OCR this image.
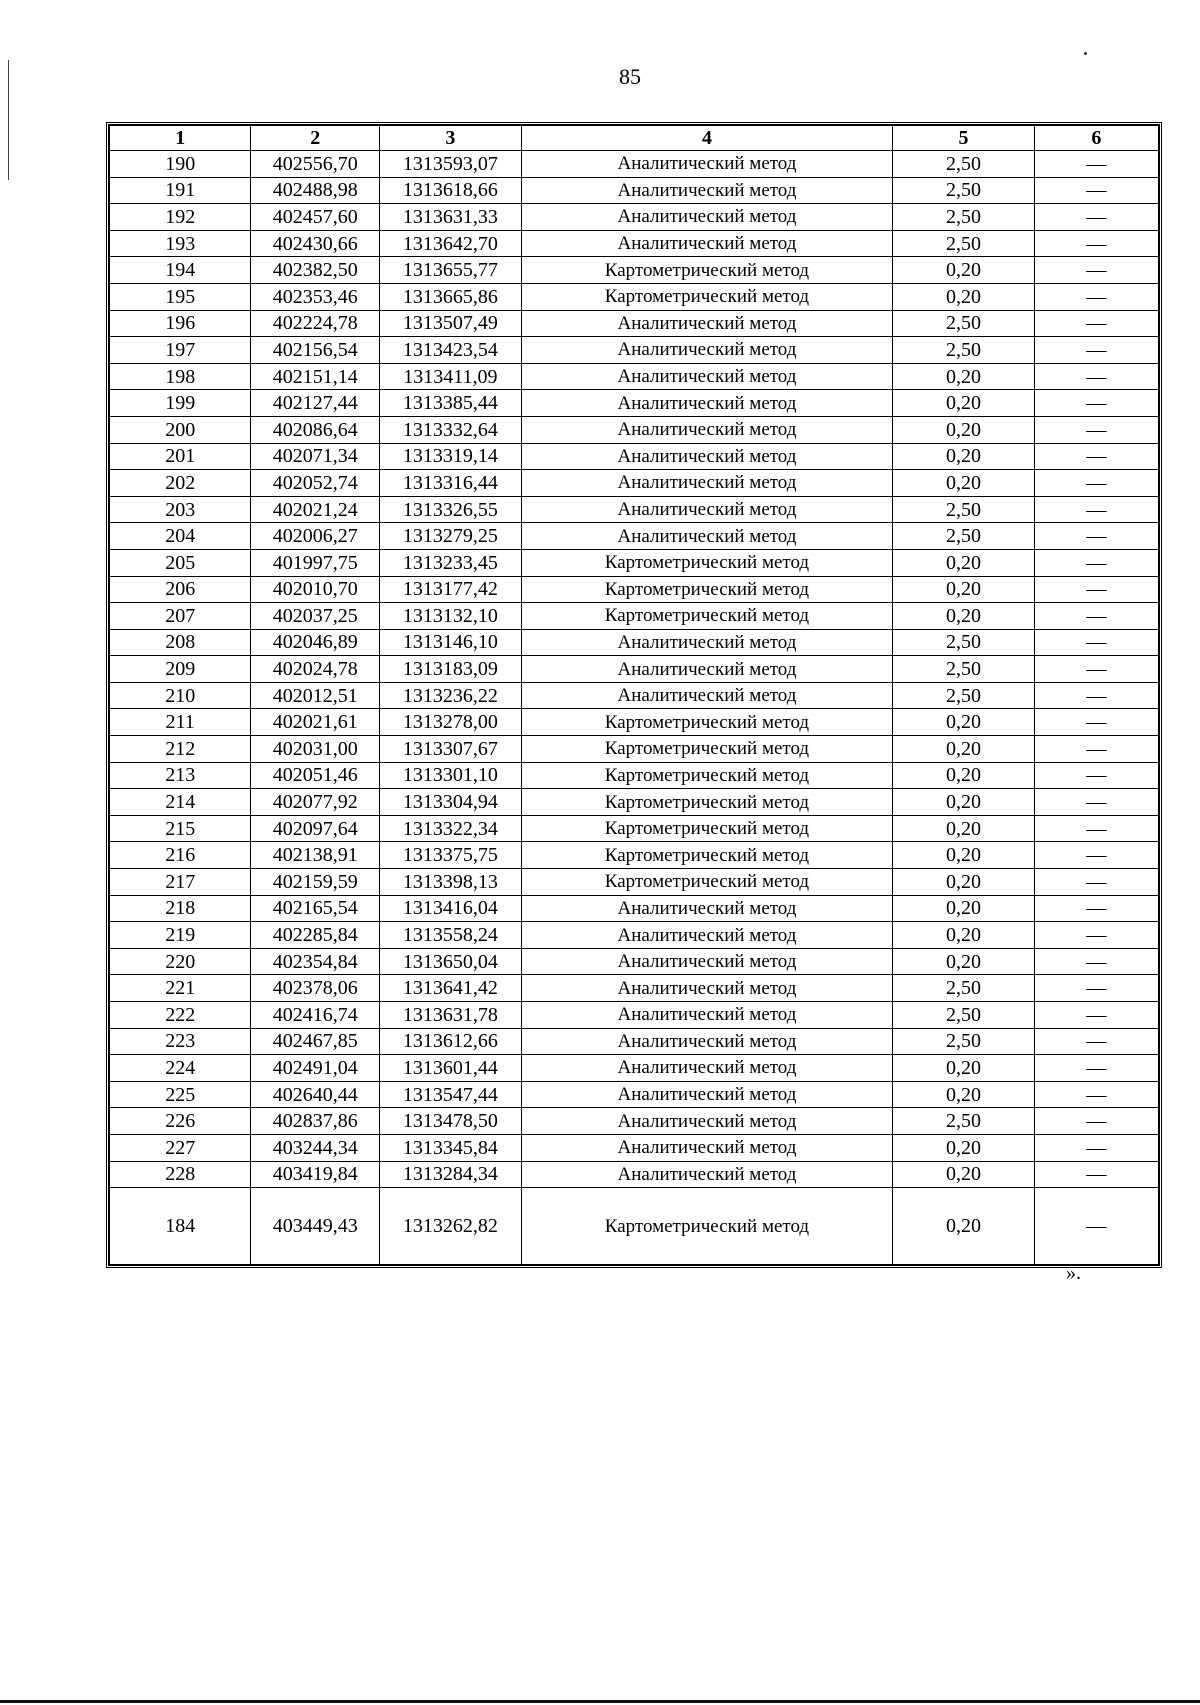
85
1	2	3	4	5	6
190	402556,70	1313593,07	Аналитический метод	2,50	—
191	402488,98	1313618,66	Аналитический метод	2,50	—
192	402457,60	1313631,33	Аналитический метод	2,50	—
193	402430,66	1313642,70	Аналитический метод	2,50	—
194	402382,50	1313655,77	Картометрический метод	0,20	—
195	402353,46	1313665,86	Картометрический метод	0,20	—
196	402224,78	1313507,49	Аналитический метод	2,50	—
197	402156,54	1313423,54	Аналитический метод	2,50	—
198	402151,14	1313411,09	Аналитический метод	0,20	—
199	402127,44	1313385,44	Аналитический метод	0,20	—
200	402086,64	1313332,64	Аналитический метод	0,20	—
201	402071,34	1313319,14	Аналитический метод	0,20	—
202	402052,74	1313316,44	Аналитический метод	0,20	—
203	402021,24	1313326,55	Аналитический метод	2,50	—
204	402006,27	1313279,25	Аналитический метод	2,50	—
205	401997,75	1313233,45	Картометрический метод	0,20	—
206	402010,70	1313177,42	Картометрический метод	0,20	—
207	402037,25	1313132,10	Картометрический метод	0,20	—
208	402046,89	1313146,10	Аналитический метод	2,50	—
209	402024,78	1313183,09	Аналитический метод	2,50	—
210	402012,51	1313236,22	Аналитический метод	2,50	—
211	402021,61	1313278,00	Картометрический метод	0,20	—
212	402031,00	1313307,67	Картометрический метод	0,20	—
213	402051,46	1313301,10	Картометрический метод	0,20	—
214	402077,92	1313304,94	Картометрический метод	0,20	—
215	402097,64	1313322,34	Картометрический метод	0,20	—
216	402138,91	1313375,75	Картометрический метод	0,20	—
217	402159,59	1313398,13	Картометрический метод	0,20	—
218	402165,54	1313416,04	Аналитический метод	0,20	—
219	402285,84	1313558,24	Аналитический метод	0,20	—
220	402354,84	1313650,04	Аналитический метод	0,20	—
221	402378,06	1313641,42	Аналитический метод	2,50	—
222	402416,74	1313631,78	Аналитический метод	2,50	—
223	402467,85	1313612,66	Аналитический метод	2,50	—
224	402491,04	1313601,44	Аналитический метод	0,20	—
225	402640,44	1313547,44	Аналитический метод	0,20	—
226	402837,86	1313478,50	Аналитический метод	2,50	—
227	403244,34	1313345,84	Аналитический метод	0,20	—
228	403419,84	1313284,34	Аналитический метод	0,20	—
184	403449,43	1313262,82	Картометрический метод	0,20	—
».
